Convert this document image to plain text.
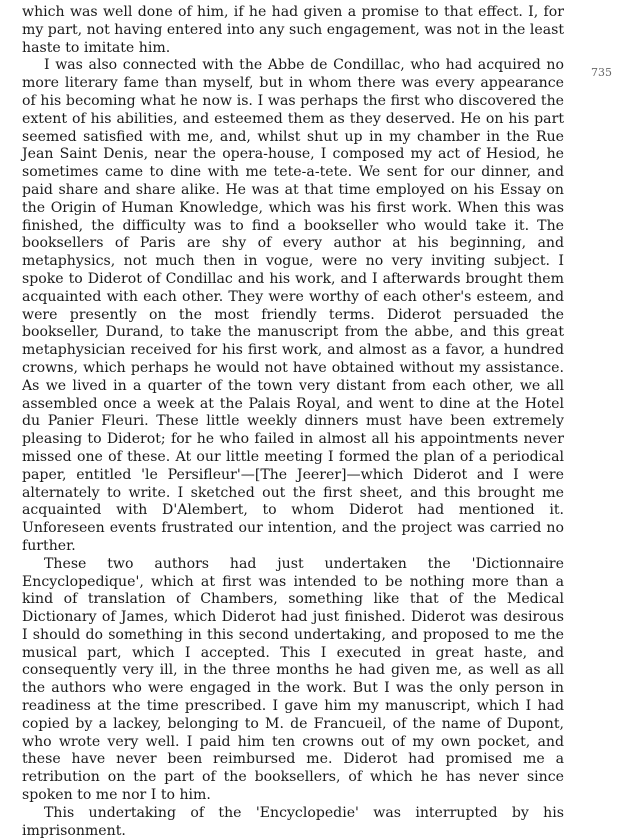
which was well done of him, if he had given a promise to that effect. I, for my part, not having entered into any such engagement, was not in the least haste to imitate him.

I was also connected with the Abbe de Condillac, who had acquired no more literary fame than myself, but in whom there was every appearance of his becoming what he now is. I was perhaps the first who discovered the extent of his abilities, and esteemed them as they deserved. He on his part seemed satisfied with me, and, whilst shut up in my chamber in the Rue Jean Saint Denis, near the opera-house, I composed my act of Hesiod, he sometimes came to dine with me tete-a-tete. We sent for our dinner, and paid share and share alike. He was at that time employed on his Essay on the Origin of Human Knowledge, which was his first work. When this was finished, the difficulty was to find a bookseller who would take it. The booksellers of Paris are shy of every author at his beginning, and metaphysics, not much then in vogue, were no very inviting subject. I spoke to Diderot of Condillac and his work, and I afterwards brought them acquainted with each other. They were worthy of each other's esteem, and were presently on the most friendly terms. Diderot persuaded the bookseller, Durand, to take the manuscript from the abbe, and this great metaphysician received for his first work, and almost as a favor, a hundred crowns, which perhaps he would not have obtained without my assistance. As we lived in a quarter of the town very distant from each other, we all assembled once a week at the Palais Royal, and went to dine at the Hotel du Panier Fleuri. These little weekly dinners must have been extremely pleasing to Diderot; for he who failed in almost all his appointments never missed one of these. At our little meeting I formed the plan of a periodical paper, entitled 'le Persifleur'—[The Jeerer]—which Diderot and I were alternately to write. I sketched out the first sheet, and this brought me acquainted with D'Alembert, to whom Diderot had mentioned it. Unforeseen events frustrated our intention, and the project was carried no further.

These two authors had just undertaken the 'Dictionnaire Encyclopedique', which at first was intended to be nothing more than a kind of translation of Chambers, something like that of the Medical Dictionary of James, which Diderot had just finished. Diderot was desirous I should do something in this second undertaking, and proposed to me the musical part, which I accepted. This I executed in great haste, and consequently very ill, in the three months he had given me, as well as all the authors who were engaged in the work. But I was the only person in readiness at the time prescribed. I gave him my manuscript, which I had copied by a lackey, belonging to M. de Francueil, of the name of Dupont, who wrote very well. I paid him ten crowns out of my own pocket, and these have never been reimbursed me. Diderot had promised me a retribution on the part of the booksellers, of which he has never since spoken to me nor I to him.

This undertaking of the 'Encyclopedie' was interrupted by his imprisonment.

735
